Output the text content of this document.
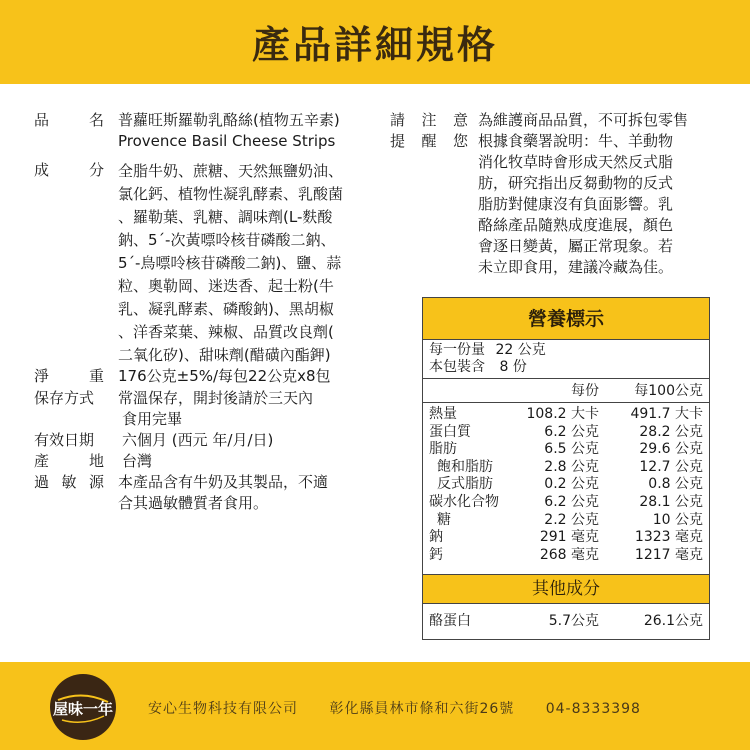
產品詳細規格
品	名 普蘿旺斯羅勒乳酪絲(植物五辛素)
Provence Basil Cheese Strips
成	分 全脂牛奶、蔗糖、天然無鹽奶油、
氯化鈣、植物性凝乳酵素、乳酸菌
、羅勒葉、乳糖、調味劑(L-麩酸
鈉、5´-次黃嘌呤核苷磷酸二鈉、
5´-鳥嘌呤核苷磷酸二鈉)、鹽、蒜
粒、奧勒岡、迷迭香、起士粉(牛
乳、凝乳酵素、磷酸鈉)、黑胡椒
、洋香菜葉、辣椒、品質改良劑(
二氧化矽)、甜味劑(醋磺內酯鉀)
淨	重 176公克±5%/每包22公克x8包
保存方式 常溫保存，開封後請於三天內
食用完畢
有效日期 六個月 (西元 年/月/日)
產	地 台灣
過 敏 源 本產品含有牛奶及其製品，不適
合其過敏體質者食用。
請 注 意
提 醒 您
為維護商品品質，不可拆包零售
根據食藥署說明：牛、羊動物
消化牧草時會形成天然反式脂
肪，研究指出反芻動物的反式
脂肪對健康沒有負面影響。乳
酪絲產品隨熟成度進展，顏色
會逐日變黃，屬正常現象。若
未立即食用，建議冷藏為佳。
營養標示
每一份量 22 公克
本包裝含 8 份
每份	每100公克
熱量	108.2 大卡 491.7 大卡
蛋白質	6.2 公克	28.2 公克
脂肪	6.5 公克	29.6 公克
飽和脂肪	2.8 公克	12.7 公克
反式脂肪	0.2 公克	0.8 公克
碳水化合物	6.2 公克	28.1 公克
糖	2.2 公克	10 公克
鈉	291 毫克	1323 毫克
鈣	268 毫克	1217 毫克
其他成分
酪蛋白	5.7公克	26.1公克
屋味一年 安心生物科技有限公司 彰化縣員林市條和六街26號 04-8333398
